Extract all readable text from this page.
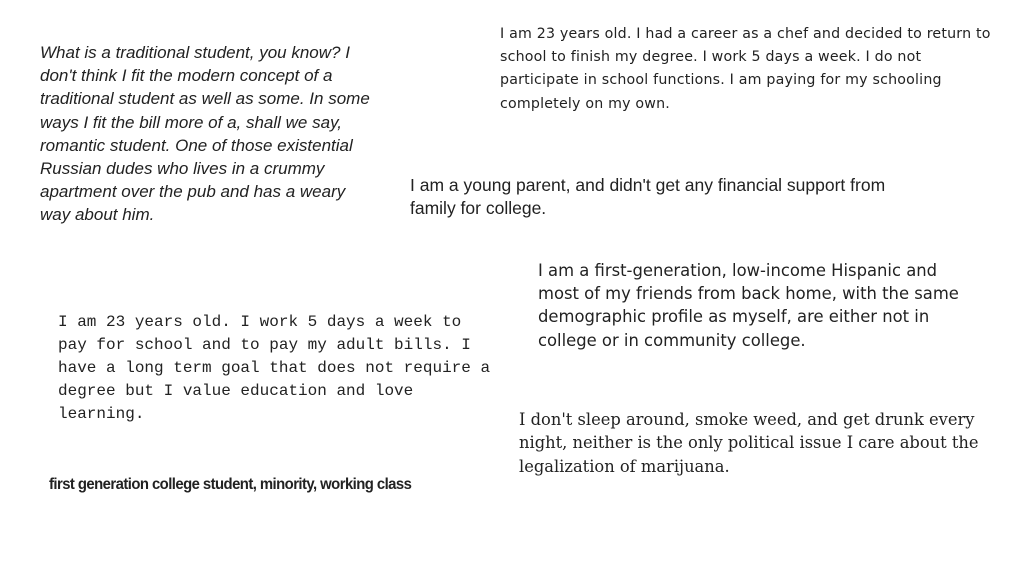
What is a traditional student, you know? I don't think I fit the modern concept of a traditional student as well as some. In some ways I fit the bill more of a, shall we say, romantic student. One of those existential Russian dudes who lives in a crummy apartment over the pub and has a weary way about him.

I am 23 years old. I had a career as a chef and decided to return to school to finish my degree. I work 5 days a week. I do not participate in school functions. I am paying for my schooling completely on my own.

I am a young parent, and didn't get any financial support from family for college.

I am a first-generation, low-income Hispanic and most of my friends from back home, with the same demographic profile as myself, are either not in college or in community college.

I am 23 years old. I work 5 days a week to pay for school and to pay my adult bills. I have a long term goal that does not require a degree but I value education and love learning.	I don't sleep around, smoke weed, and get drunk every night, neither is the only political issue I care about the legalization of marijuana.

first generation college student, minority, working class
